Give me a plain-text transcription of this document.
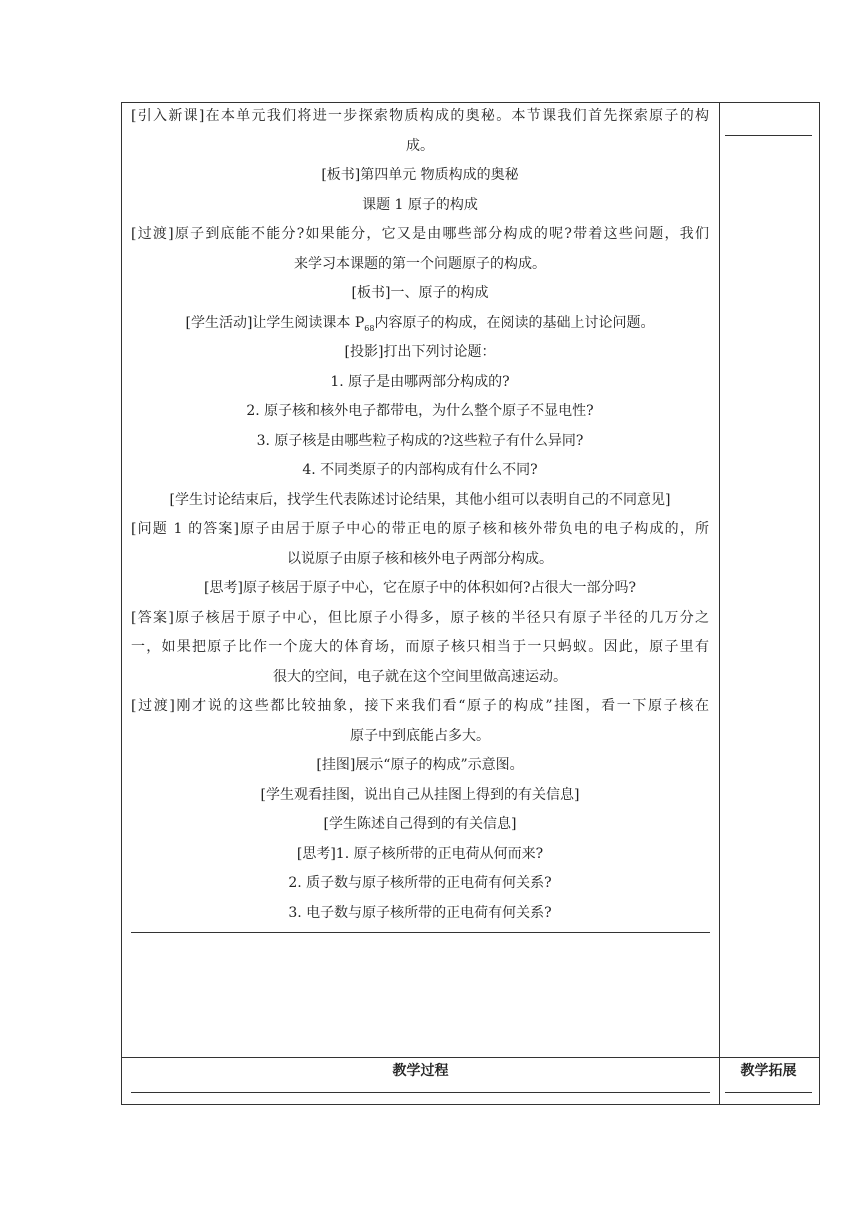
[引入新课]在本单元我们将进一步探索物质构成的奥秘。本节课我们首先探索原子的构
成。
[板书]第四单元 物质构成的奥秘
课题 1 原子的构成
[过渡]原子到底能不能分?如果能分，它又是由哪些部分构成的呢?带着这些问题，我们
来学习本课题的第一个问题原子的构成。
[板书]一、原子的构成
[学生活动]让学生阅读课本 $P_{68}$内容原子的构成，在阅读的基础上讨论问题。
[投影]打出下列讨论题：
1. 原子是由哪两部分构成的?
2. 原子核和核外电子都带电，为什么整个原子不显电性?
3. 原子核是由哪些粒子构成的?这些粒子有什么异同?
4. 不同类原子的内部构成有什么不同?
[学生讨论结束后，找学生代表陈述讨论结果，其他小组可以表明自己的不同意见]
[问题 1 的答案]原子由居于原子中心的带正电的原子核和核外带负电的电子构成的，所
以说原子由原子核和核外电子两部分构成。
[思考]原子核居于原子中心，它在原子中的体积如何?占很大一部分吗?
[答案]原子核居于原子中心，但比原子小得多，原子核的半径只有原子半径的几万分之
一，如果把原子比作一个庞大的体育场，而原子核只相当于一只蚂蚁。因此，原子里有
很大的空间，电子就在这个空间里做高速运动。
[过渡]刚才说的这些都比较抽象，接下来我们看“原子的构成”挂图，看一下原子核在
原子中到底能占多大。
[挂图]展示“原子的构成”示意图。
[学生观看挂图，说出自己从挂图上得到的有关信息]
[学生陈述自己得到的有关信息]
[思考]1. 原子核所带的正电荷从何而来?
2. 质子数与原子核所带的正电荷有何关系?
3. 电子数与原子核所带的正电荷有何关系?
教学过程	教学拓展
